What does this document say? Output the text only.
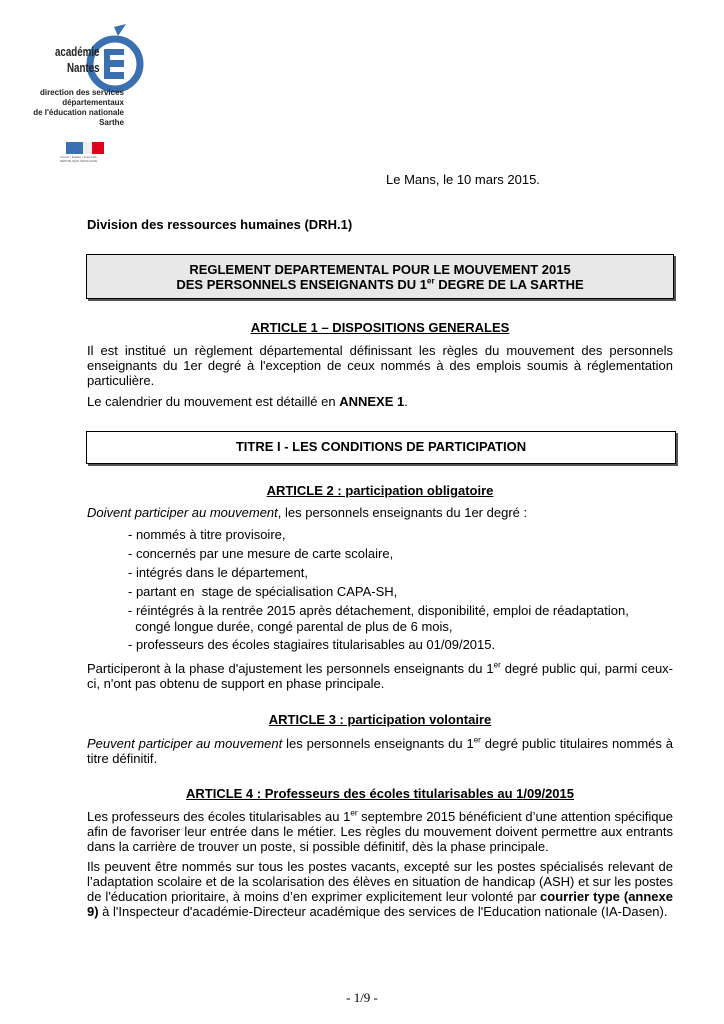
académie
Nantes
direction des services
départementaux
de l'éducation nationale
Sarthe
Liberté • Égalité • Fraternité
RÉPUBLIQUE FRANÇAISE
Le Mans, le 10 mars 2015.
Division des ressources humaines (DRH.1)
REGLEMENT DEPARTEMENTAL POUR LE MOUVEMENT 2015
DES PERSONNELS ENSEIGNANTS DU 1er DEGRE DE LA SARTHE
ARTICLE 1 – DISPOSITIONS GENERALES
Il est institué un règlement départemental définissant les règles du mouvement des personnels enseignants du 1er degré à l'exception de ceux nommés à des emplois soumis à réglementation particulière.
Le calendrier du mouvement est détaillé en ANNEXE 1.
TITRE I - LES CONDITIONS DE PARTICIPATION
ARTICLE 2 : participation obligatoire
Doivent participer au mouvement, les personnels enseignants du 1er degré :
- nommés à titre provisoire,
- concernés par une mesure de carte scolaire,
- intégrés dans le département,
- partant en  stage de spécialisation CAPA-SH,
- réintégrés à la rentrée 2015 après détachement, disponibilité, emploi de réadaptation,
congé longue durée, congé parental de plus de 6 mois,
- professeurs des écoles stagiaires titularisables au 01/09/2015.
Participeront à la phase d'ajustement les personnels enseignants du 1er degré public qui, parmi ceux-ci, n'ont pas obtenu de support en phase principale.
ARTICLE 3 : participation volontaire
Peuvent participer au mouvement les personnels enseignants du 1er degré public titulaires nommés à titre définitif.
ARTICLE 4 : Professeurs des écoles titularisables au 1/09/2015
Les professeurs des écoles titularisables au 1er septembre 2015 bénéficient d’une attention spécifique afin de favoriser leur entrée dans le métier. Les règles du mouvement doivent permettre aux entrants dans la carrière de trouver un poste, si possible définitif, dès la phase principale.
Ils peuvent être nommés sur tous les postes vacants, excepté sur les postes spécialisés relevant de l’adaptation scolaire et de la scolarisation des élèves en situation de handicap (ASH) et sur les postes de l'éducation prioritaire, à moins d’en exprimer explicitement leur volonté par courrier type (annexe 9) à l'Inspecteur d'académie-Directeur académique des services de l'Education nationale (IA-Dasen).
- 1/9 -
